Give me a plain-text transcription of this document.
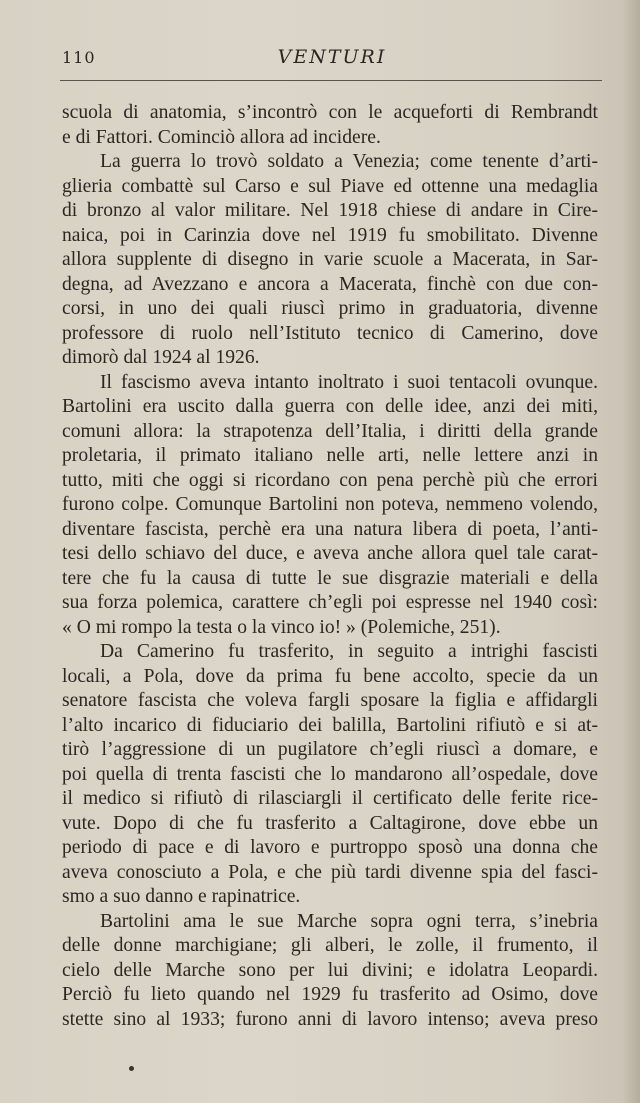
110	VENTURI
scuola di anatomia, s’incontrò con le acqueforti di Rembrandt
e di Fattori. Cominciò allora ad incidere.
La guerra lo trovò soldato a Venezia; come tenente d’arti-
glieria combattè sul Carso e sul Piave ed ottenne una medaglia
di bronzo al valor militare. Nel 1918 chiese di andare in Cire-
naica, poi in Carinzia dove nel 1919 fu smobilitato. Divenne
allora supplente di disegno in varie scuole a Macerata, in Sar-
degna, ad Avezzano e ancora a Macerata, finchè con due con-
corsi, in uno dei quali riuscì primo in graduatoria, divenne
professore di ruolo nell’Istituto tecnico di Camerino, dove
dimorò dal 1924 al 1926.
Il fascismo aveva intanto inoltrato i suoi tentacoli ovunque.
Bartolini era uscito dalla guerra con delle idee, anzi dei miti,
comuni allora: la strapotenza dell’Italia, i diritti della grande
proletaria, il primato italiano nelle arti, nelle lettere anzi in
tutto, miti che oggi si ricordano con pena perchè più che errori
furono colpe. Comunque Bartolini non poteva, nemmeno volendo,
diventare fascista, perchè era una natura libera di poeta, l’anti-
tesi dello schiavo del duce, e aveva anche allora quel tale carat-
tere che fu la causa di tutte le sue disgrazie materiali e della
sua forza polemica, carattere ch’egli poi espresse nel 1940 così:
« O mi rompo la testa o la vinco io! » (Polemiche, 251).
Da Camerino fu trasferito, in seguito a intrighi fascisti
locali, a Pola, dove da prima fu bene accolto, specie da un
senatore fascista che voleva fargli sposare la figlia e affidargli
l’alto incarico di fiduciario dei balilla, Bartolini rifiutò e si at-
tirò l’aggressione di un pugilatore ch’egli riuscì a domare, e
poi quella di trenta fascisti che lo mandarono all’ospedale, dove
il medico si rifiutò di rilasciargli il certificato delle ferite rice-
vute. Dopo di che fu trasferito a Caltagirone, dove ebbe un
periodo di pace e di lavoro e purtroppo sposò una donna che
aveva conosciuto a Pola, e che più tardi divenne spia del fasci-
smo a suo danno e rapinatrice.
Bartolini ama le sue Marche sopra ogni terra, s’inebria
delle donne marchigiane; gli alberi, le zolle, il frumento, il
cielo delle Marche sono per lui divini; e idolatra Leopardi.
Perciò fu lieto quando nel 1929 fu trasferito ad Osimo, dove
stette sino al 1933; furono anni di lavoro intenso; aveva preso
